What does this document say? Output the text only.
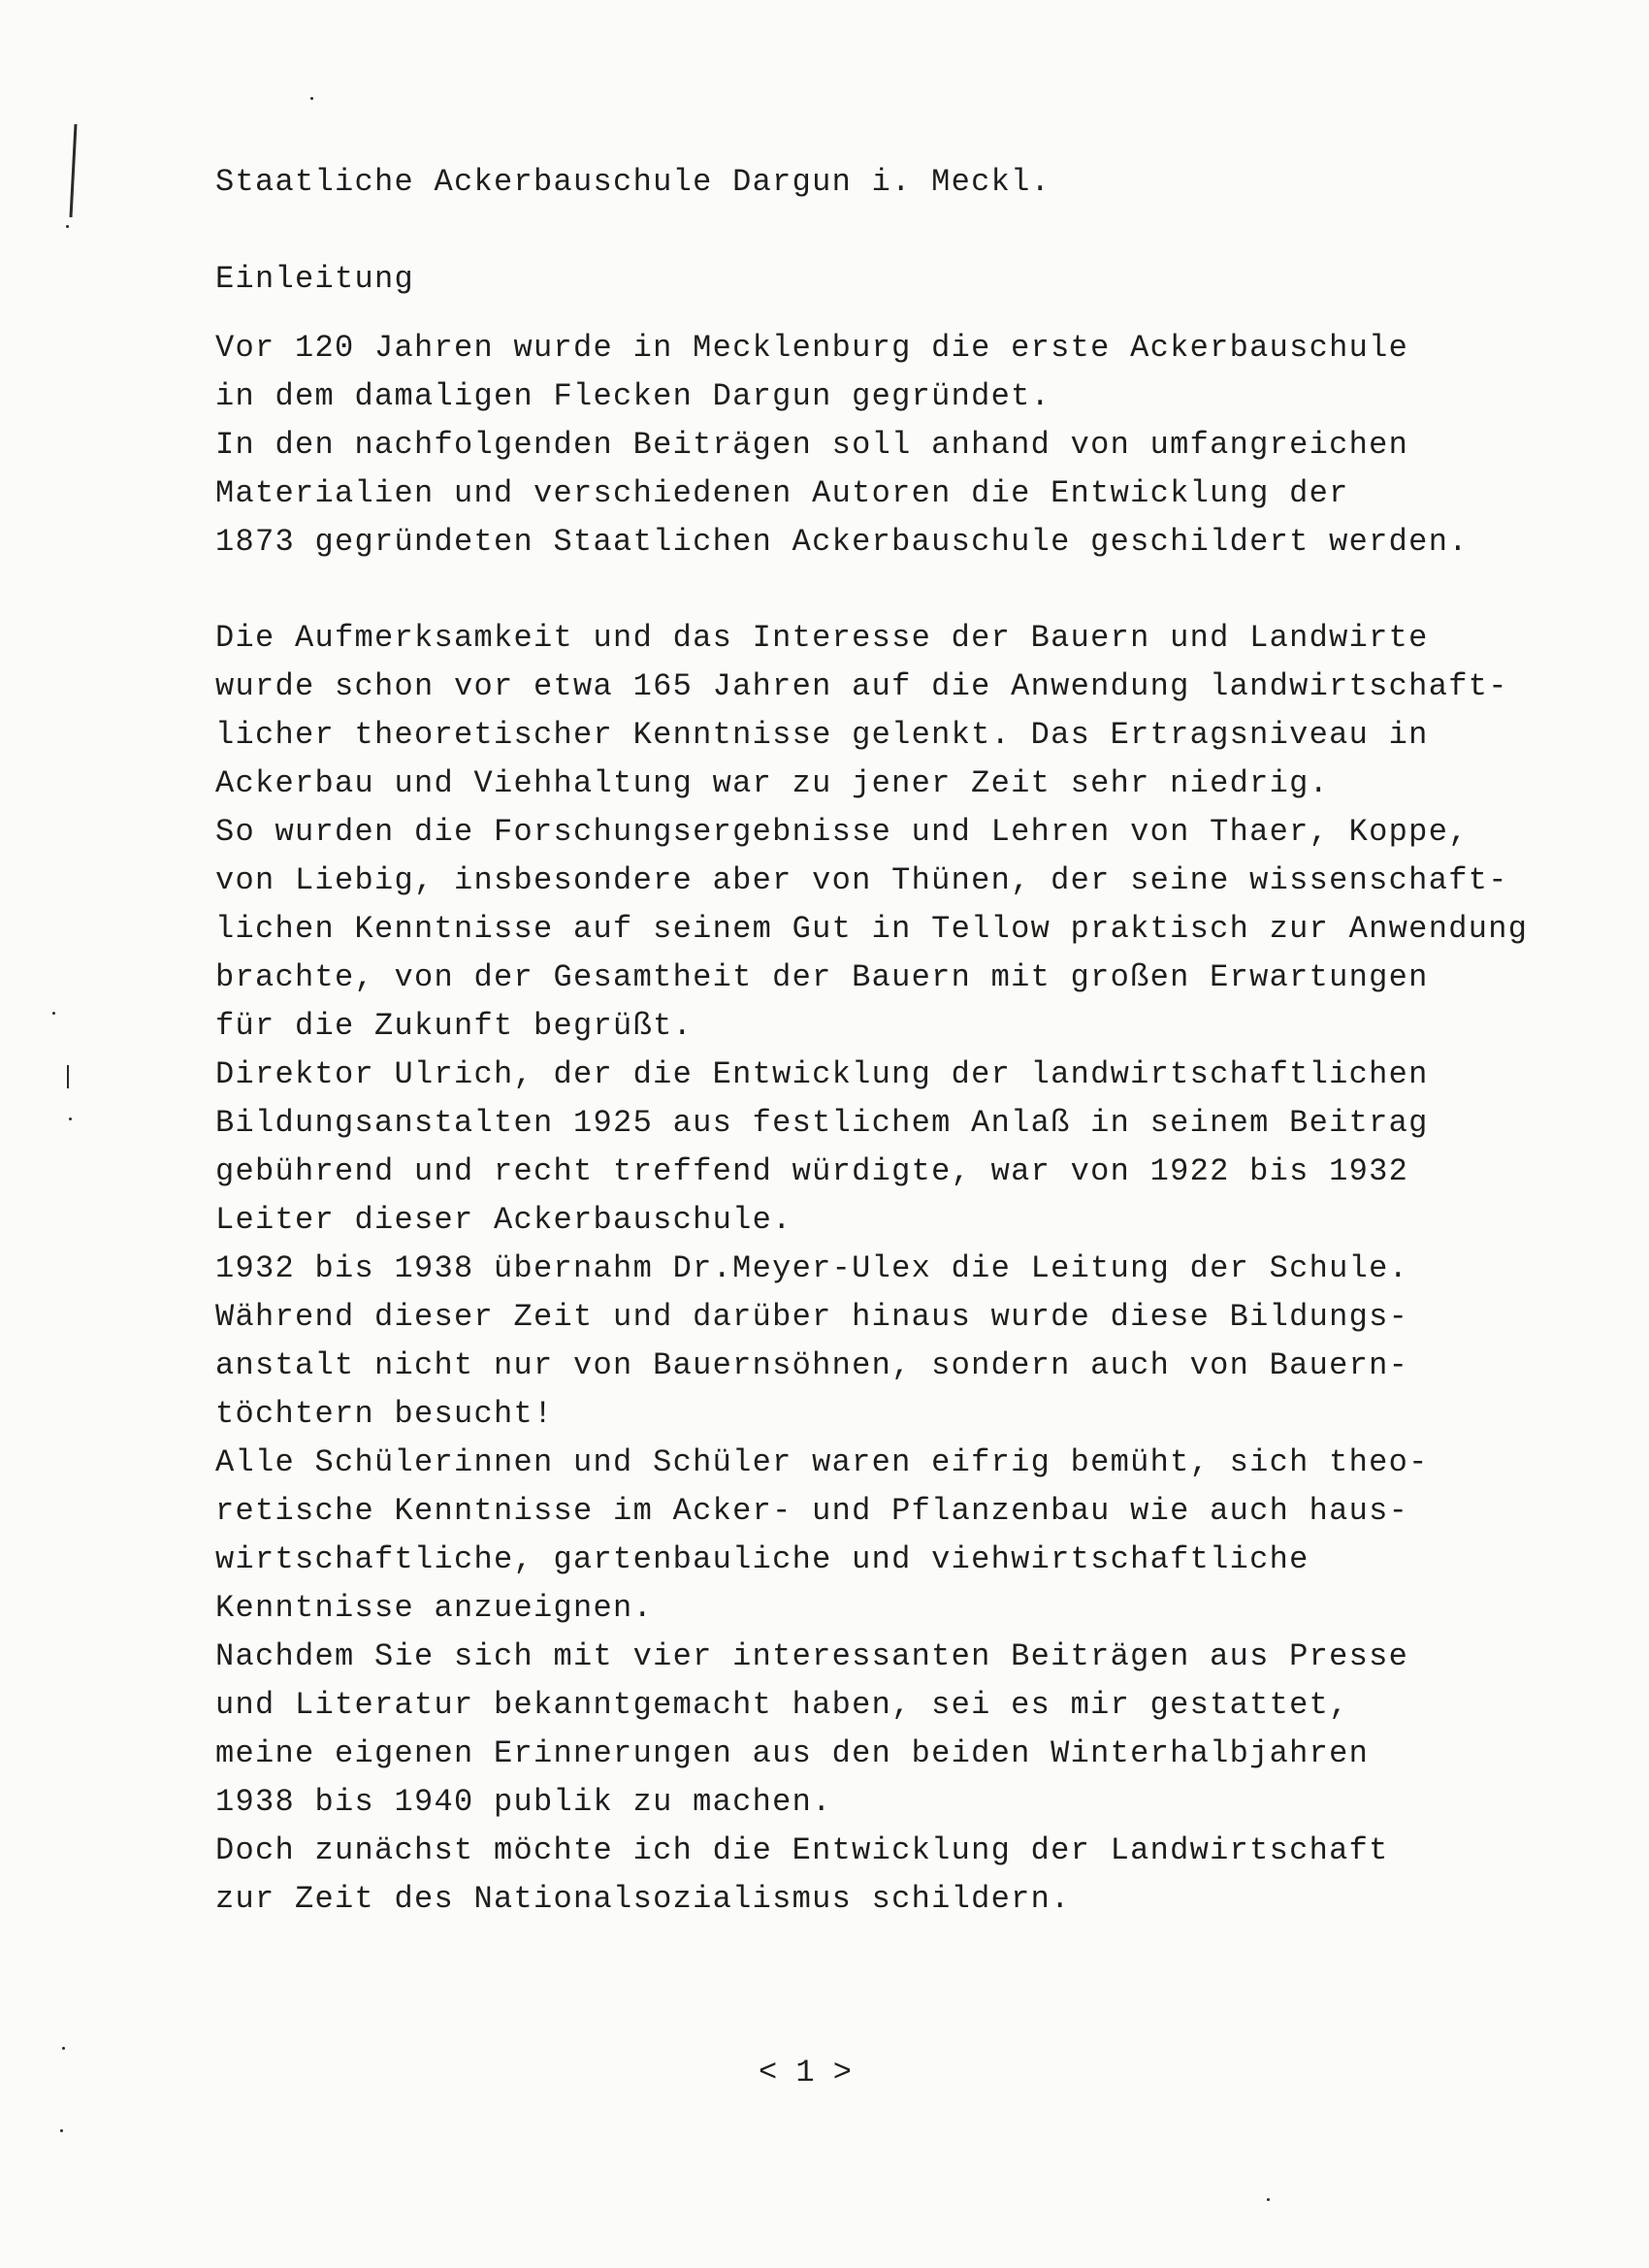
Staatliche Ackerbauschule Dargun i. Meckl.
Einleitung
Vor 120 Jahren wurde in Mecklenburg die erste Ackerbauschule
in dem damaligen Flecken Dargun gegründet.
In den nachfolgenden Beiträgen soll anhand von umfangreichen
Materialien und verschiedenen Autoren die Entwicklung der
1873 gegründeten Staatlichen Ackerbauschule geschildert werden.
Die Aufmerksamkeit und das Interesse der Bauern und Landwirte
wurde schon vor etwa 165 Jahren auf die Anwendung landwirtschaft-
licher theoretischer Kenntnisse gelenkt. Das Ertragsniveau in
Ackerbau und Viehhaltung war zu jener Zeit sehr niedrig.
So wurden die Forschungsergebnisse und Lehren von Thaer, Koppe,
von Liebig, insbesondere aber von Thünen, der seine wissenschaft-
lichen Kenntnisse auf seinem Gut in Tellow praktisch zur Anwendung
brachte, von der Gesamtheit der Bauern mit großen Erwartungen
für die Zukunft begrüßt.
Direktor Ulrich, der die Entwicklung der landwirtschaftlichen
Bildungsanstalten 1925 aus festlichem Anlaß in seinem Beitrag
gebührend und recht treffend würdigte, war von 1922 bis 1932
Leiter dieser Ackerbauschule.
1932 bis 1938 übernahm Dr.Meyer-Ulex die Leitung der Schule.
Während dieser Zeit und darüber hinaus wurde diese Bildungs-
anstalt nicht nur von Bauernsöhnen, sondern auch von Bauern-
töchtern besucht!
Alle Schülerinnen und Schüler waren eifrig bemüht, sich theo-
retische Kenntnisse im Acker- und Pflanzenbau wie auch haus-
wirtschaftliche, gartenbauliche und viehwirtschaftliche
Kenntnisse anzueignen.
Nachdem Sie sich mit vier interessanten Beiträgen aus Presse
und Literatur bekanntgemacht haben, sei es mir gestattet,
meine eigenen Erinnerungen aus den beiden Winterhalbjahren
1938 bis 1940 publik zu machen.
Doch zunächst möchte ich die Entwicklung der Landwirtschaft
zur Zeit des Nationalsozialismus schildern.
< 1 >
